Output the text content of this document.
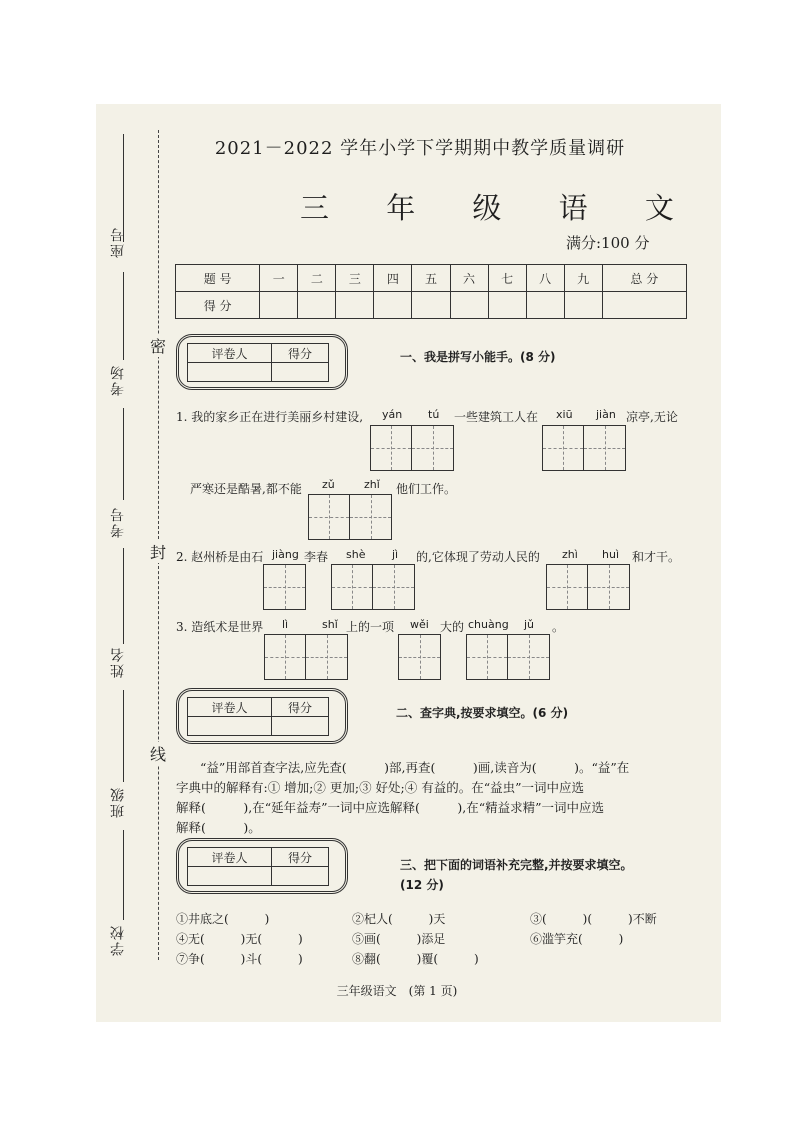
座号
考场
考号
姓名
班级
学校
密
封
线
2021－2022 学年小学下学期期中教学质量调研
三 年 级 语 文
满分:100 分
题 号	一	二	三	四	五	六	七	八	九	总 分
得 分										
评卷人	得分
		一、我是拼写小能手。(8 分)
1. 我的家乡正在进行美丽乡村建设, yán tú 一些建筑工人在 xiū jiàn 凉亭,无论
严寒还是酷暑,都不能 zǔ	zhǐ 他们工作。
2. 赵州桥是由石 jiàng 李春 shè jì 的,它体现了劳动人民的 zhì huì 和才干。
3. 造纸术是世界 lì	shǐ 上的一项 wěi 大的 chuàng jǔ 。
评卷人	得分
		二、查字典,按要求填空。(6 分)
“益”用部首查字法,应先查(　　　)部,再查(　　　)画,读音为(　　　)。“益”在
字典中的解释有:① 增加;② 更加;③ 好处;④ 有益的。在“益虫”一词中应选
解释(　　　),在“延年益寿”一词中应选解释(　　　),在“精益求精”一词中应选
解释(　　　)。
评卷人	得分

三、把下面的词语补充完整,并按要求填空。
(12 分)
①井底之(　　　)	②杞人(　　　)天	③(　　　)(　　　)不断
④无(　　　)无(　　　)	⑤画(　　　)添足	⑥滥竽充(　　　)
⑦争(　　　)斗(　　　)	⑧翻(　　　)覆(　　　)
三年级语文　(第 1 页)
